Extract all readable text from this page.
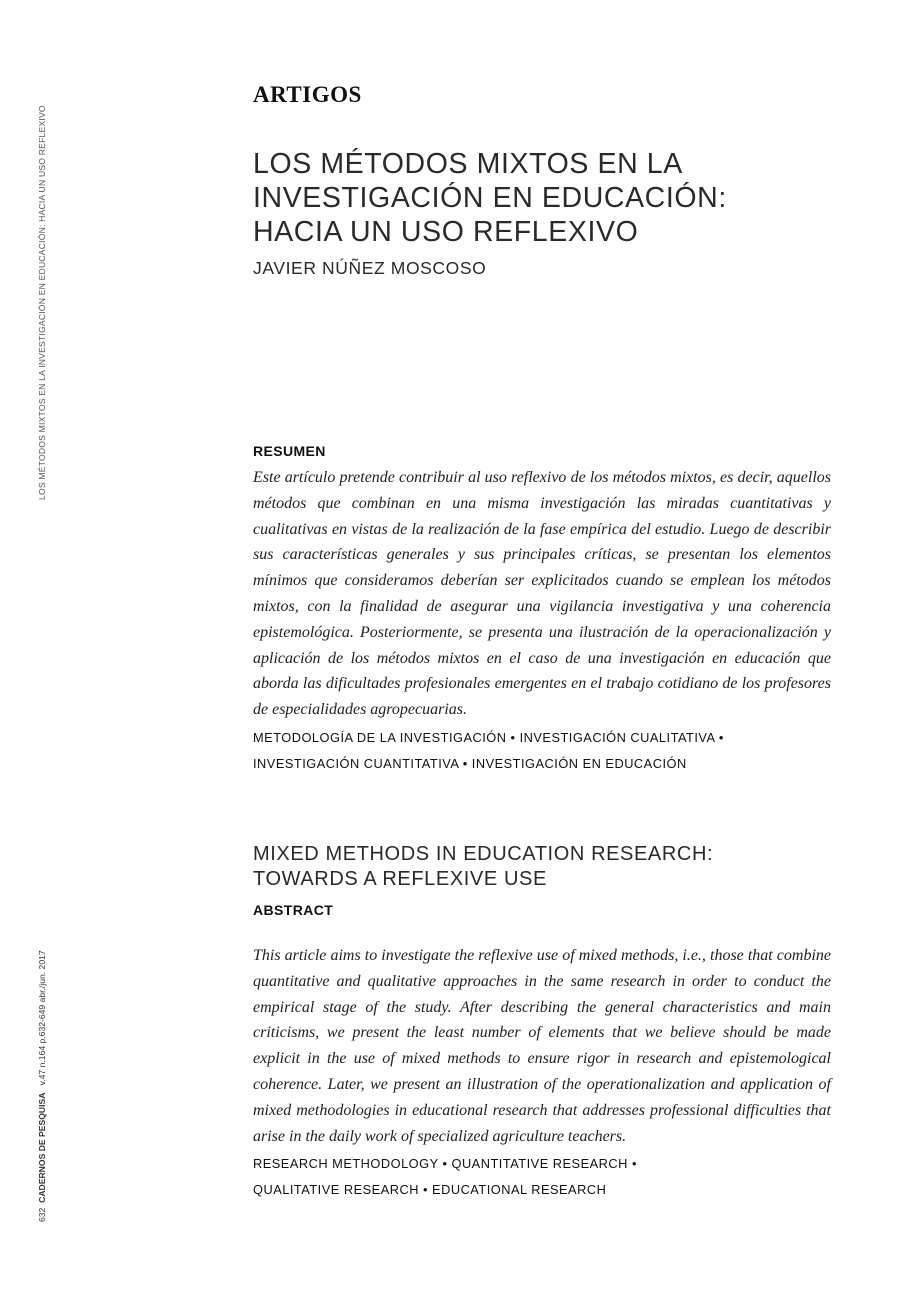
LOS MÉTODOS MIXTOS EN LA INVESTIGACIÓN EN EDUCACIÓN: HACIA UN USO REFLEXIVO
632  CADERNOS DE PESQUISA   v.47 n.164 p.632-649 abr./jun. 2017
ARTIGOS
LOS MÉTODOS MIXTOS EN LA
INVESTIGACIÓN EN EDUCACIÓN:
HACIA UN USO REFLEXIVO
JAVIER NÚÑEZ MOSCOSO
RESUMEN

Este artículo pretende contribuir al uso reflexivo de los métodos mixtos, es decir, aquellos métodos que combinan en una misma investigación las miradas cuantitativas y cualitativas en vistas de la realización de la fase empírica del estudio. Luego de describir sus características generales y sus principales críticas, se presentan los elementos mínimos que consideramos deberían ser explicitados cuando se emplean los métodos mixtos, con la finalidad de asegurar una vigilancia investigativa y una coherencia epistemológica. Posteriormente, se presenta una ilustración de la operacionalización y aplicación de los métodos mixtos en el caso de una investigación en educación que aborda las dificultades profesionales emergentes en el trabajo cotidiano de los profesores de especialidades agropecuarias.

METODOLOGÍA DE LA INVESTIGACIÓN • INVESTIGACIÓN CUALITATIVA •
INVESTIGACIÓN CUANTITATIVA • INVESTIGACIÓN EN EDUCACIÓN

MIXED METHODS IN EDUCATION RESEARCH:
TOWARDS A REFLEXIVE USE
ABSTRACT

This article aims to investigate the reflexive use of mixed methods, i.e., those that combine quantitative and qualitative approaches in the same research in order to conduct the empirical stage of the study. After describing the general characteristics and main criticisms, we present the least number of elements that we believe should be made explicit in the use of mixed methods to ensure rigor in research and epistemological coherence. Later, we present an illustration of the operationalization and application of mixed methodologies in educational research that addresses professional difficulties that arise in the daily work of specialized agriculture teachers.

RESEARCH METHODOLOGY • QUANTITATIVE RESEARCH •
QUALITATIVE RESEARCH • EDUCATIONAL RESEARCH
